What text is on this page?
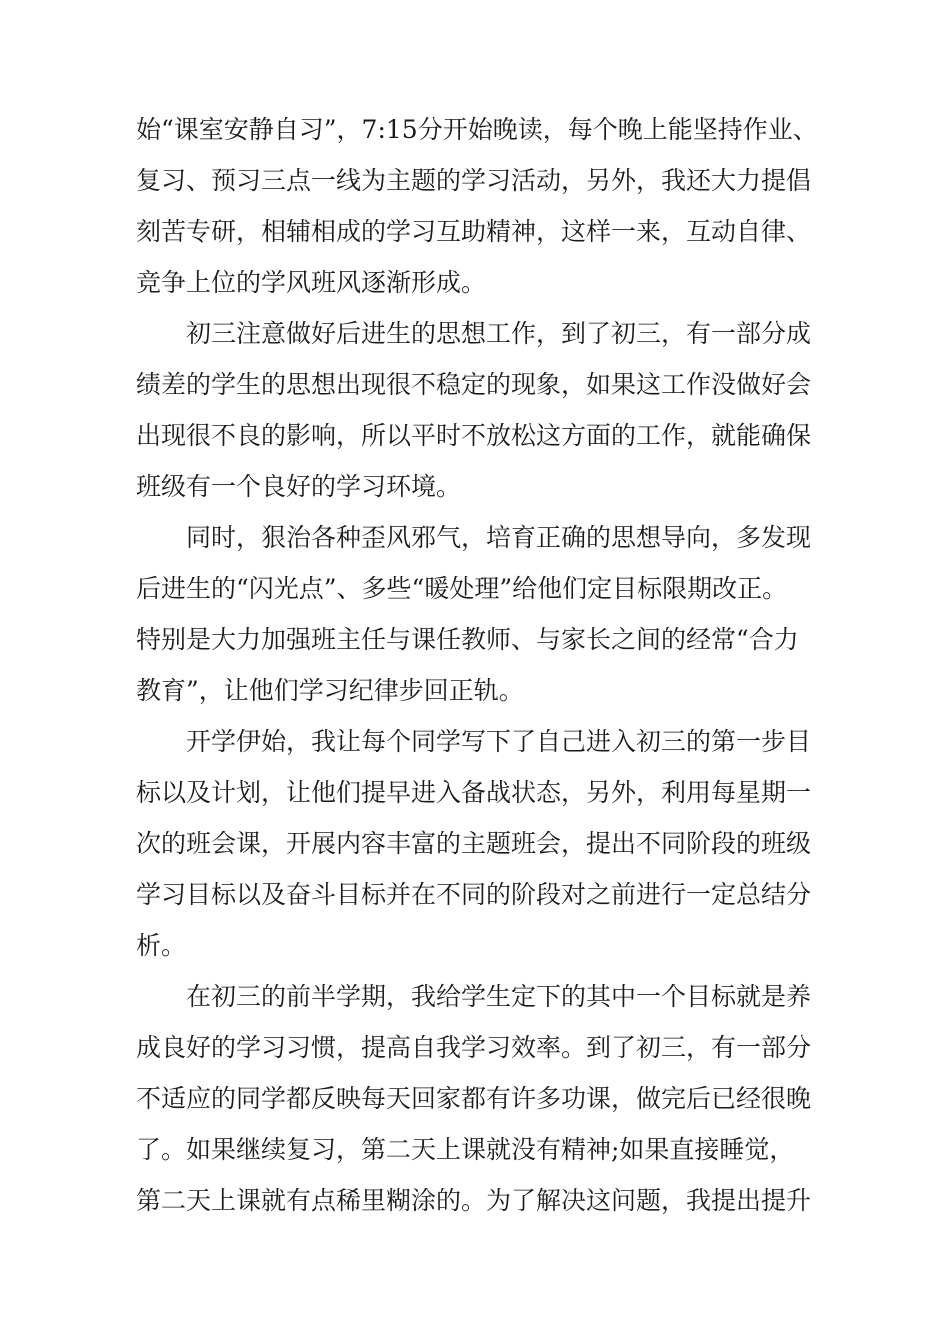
始“课室安静自习”，7:15分开始晚读，每个晚上能坚持作业、
复习、预习三点一线为主题的学习活动，另外，我还大力提倡
刻苦专研，相辅相成的学习互助精神，这样一来，互动自律、
竞争上位的学风班风逐渐形成。

初三注意做好后进生的思想工作，到了初三，有一部分成
绩差的学生的思想出现很不稳定的现象，如果这工作没做好会
出现很不良的影响，所以平时不放松这方面的工作，就能确保
班级有一个良好的学习环境。

同时，狠治各种歪风邪气，培育正确的思想导向，多发现
后进生的“闪光点”、多些“暖处理”给他们定目标限期改正。
特别是大力加强班主任与课任教师、与家长之间的经常“合力
教育”，让他们学习纪律步回正轨。

开学伊始，我让每个同学写下了自己进入初三的第一步目
标以及计划，让他们提早进入备战状态，另外，利用每星期一
次的班会课，开展内容丰富的主题班会，提出不同阶段的班级
学习目标以及奋斗目标并在不同的阶段对之前进行一定总结分
析。

在初三的前半学期，我给学生定下的其中一个目标就是养
成良好的学习习惯，提高自我学习效率。到了初三，有一部分
不适应的同学都反映每天回家都有许多功课，做完后已经很晚
了。如果继续复习，第二天上课就没有精神;如果直接睡觉，
第二天上课就有点稀里糊涂的。为了解决这问题，我提出提升
